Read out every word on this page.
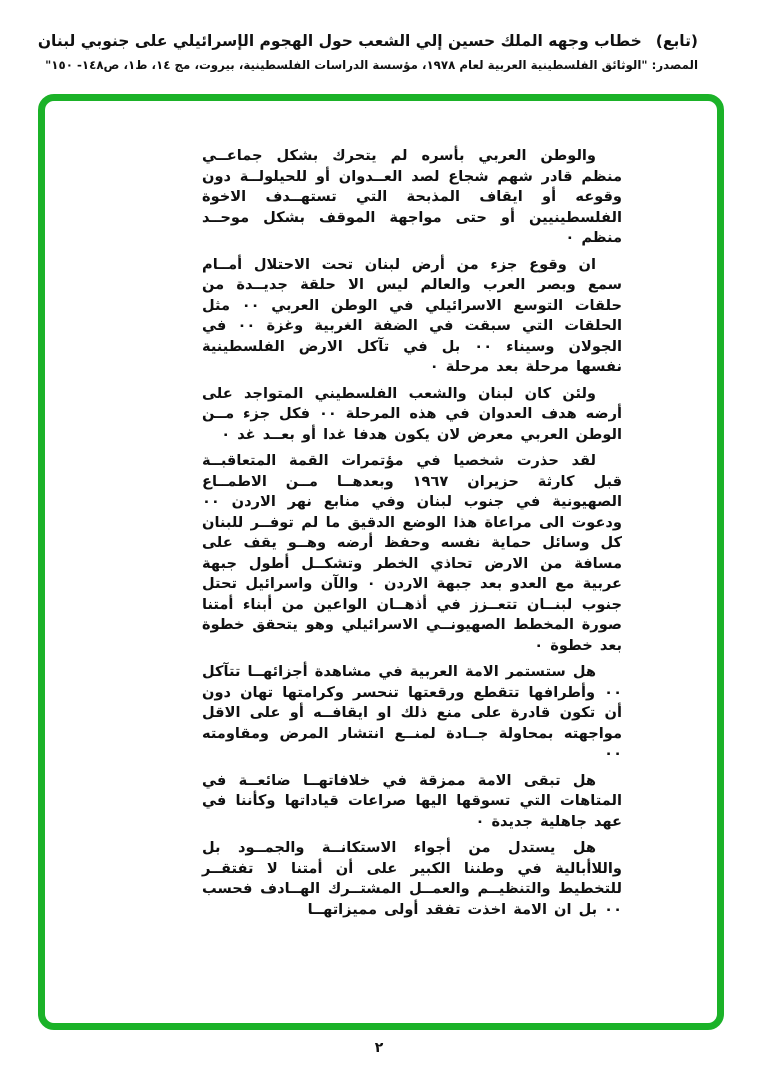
(تابع)خطاب وجهه الملك حسين إلي الشعب حول الهجوم الإسرائيلي على جنوبي لبنان
المصدر: "الوثائق الفلسطينية العربية لعام ١٩٧٨، مؤسسة الدراسات الفلسطينية، بيروت، مج ١٤، ط١، ص١٤٨- ١٥٠"

والوطن العربي بأسره لم يتحرك بشكل جماعــي منظم قادر شهم شجاع لصد العــدوان أو للحيلولــة دون وقوعه أو ايقاف المذبحة التي تستهــدف الاخوة الفلسطينيين أو حتى مواجهة الموقف بشكل موحــد منظم ٠

ان وقوع جزء من أرض لبنان تحت الاحتلال أمــام سمع وبصر العرب والعالم ليس الا حلقة جديــدة من حلقات التوسع الاسرائيلي في الوطن العربي ٠٠ مثل الحلقات التي سبقت في الضفة الغربية وغزة ٠٠ في الجولان وسيناء ٠٠ بل في تآكل الارض الفلسطينية نفسها مرحلة بعد مرحلة ٠

ولئن كان لبنان والشعب الفلسطيني المتواجد على أرضه هدف العدوان في هذه المرحلة ٠٠ فكل جزء مــن الوطن العربي معرض لان يكون هدفا غدا أو بعــد غد ٠

لقد حذرت شخصيا في مؤتمرات القمة المتعاقبــة قبل كارثة حزيران ١٩٦٧ وبعدهــا مــن الاطمــاع الصهيونية في جنوب لبنان وفي منابع نهر الاردن ٠٠ ودعوت الى مراعاة هذا الوضع الدقيق ما لم توفــر للبنان كل وسائل حماية نفسه وحفظ أرضه وهــو يقف على مسافة من الارض تحاذي الخطر وتشكــل أطول جبهة عربية مع العدو بعد جبهة الاردن ٠ والآن واسرائيل تحتل جنوب لبنــان تتعــزز في أذهــان الواعين من أبناء أمتنا صورة المخطط الصهيونــي الاسرائيلي وهو يتحقق خطوة بعد خطوة ٠

هل ستستمر الامة العربية في مشاهدة أجزائهــا تتآكل ٠٠ وأطرافها تتقطع ورقعتها تنحسر وكرامتها تهان دون أن تكون قادرة على منع ذلك او ايقافــه أو على الاقل مواجهته بمحاولة جــادة لمنــع انتشار المرض ومقاومته ٠٠

هل تبقى الامة ممزقة في خلافاتهــا ضائعــة في المتاهات التي تسوقها اليها صراعات قياداتها وكأننا في عهد جاهلية جديدة ٠

هل يستدل من أجواء الاستكانــة والجمــود بل واللاأبالية في وطننا الكبير على أن أمتنا لا تفتقــر للتخطيط والتنظيــم والعمــل المشتــرك الهــادف فحسب ٠٠ بل ان الامة اخذت تفقد أولى مميزاتهــا

٢
